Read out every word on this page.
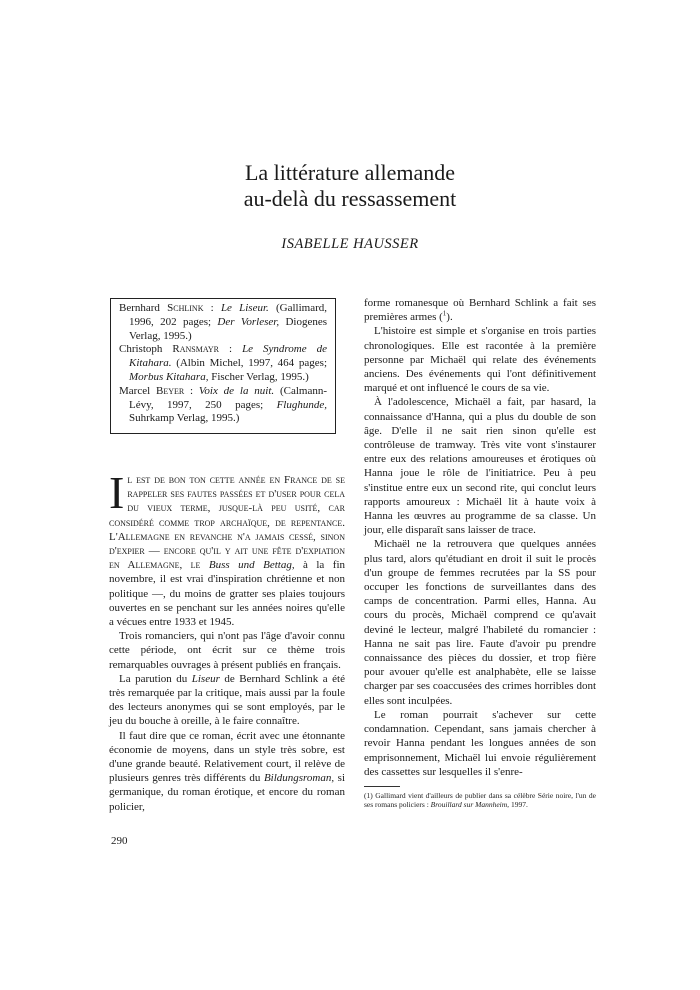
La littérature allemande
au-delà du ressassement
ISABELLE HAUSSER

Bernhard Schlink : Le Liseur. (Gallimard, 1996, 202 pages; Der Vorleser, Diogenes Verlag, 1995.)

Christoph Ransmayr : Le Syndrome de Kitahara. (Albin Michel, 1997, 464 pages; Morbus Kitahara, Fischer Verlag, 1995.)

Marcel Beyer : Voix de la nuit. (Calmann-Lévy, 1997, 250 pages; Flughunde, Suhrkamp Verlag, 1995.)

Il est de bon ton cette année en France de se rappeler ses fautes passées et d'user pour cela du vieux terme, jusque-là peu usité, car considéré comme trop archaïque, de repentance. L'Allemagne en revanche n'a jamais cessé, sinon d'expier — encore qu'il y ait une fête d'expiation en Allemagne, le Buss und Bettag, à la fin novembre, il est vrai d'inspiration chrétienne et non politique —, du moins de gratter ses plaies toujours ouvertes en se penchant sur les années noires qu'elle a vécues entre 1933 et 1945.

Trois romanciers, qui n'ont pas l'âge d'avoir connu cette période, ont écrit sur ce thème trois remarquables ouvrages à présent publiés en français.

La parution du Liseur de Bernhard Schlink a été très remarquée par la critique, mais aussi par la foule des lecteurs anonymes qui se sont employés, par le jeu du bouche à oreille, à le faire connaître.

Il faut dire que ce roman, écrit avec une étonnante économie de moyens, dans un style très sobre, est d'une grande beauté. Relativement court, il relève de plusieurs genres très différents du Bildungsroman, si germanique, du roman érotique, et encore du roman policier,

forme romanesque où Bernhard Schlink a fait ses premières armes ($^1$).

L'histoire est simple et s'organise en trois parties chronologiques. Elle est racontée à la première personne par Michaël qui relate des événements anciens. Des événements qui l'ont définitivement marqué et ont influencé le cours de sa vie.

À l'adolescence, Michaël a fait, par hasard, la connaissance d'Hanna, qui a plus du double de son âge. D'elle il ne sait rien sinon qu'elle est contrôleuse de tramway. Très vite vont s'instaurer entre eux des relations amoureuses et érotiques où Hanna joue le rôle de l'initiatrice. Peu à peu s'institue entre eux un second rite, qui conclut leurs rapports amoureux : Michaël lit à haute voix à Hanna les œuvres au programme de sa classe. Un jour, elle disparaît sans laisser de trace.

Michaël ne la retrouvera que quelques années plus tard, alors qu'étudiant en droit il suit le procès d'un groupe de femmes recrutées par la SS pour occuper les fonctions de surveillantes dans des camps de concentration. Parmi elles, Hanna. Au cours du procès, Michaël comprend ce qu'avait deviné le lecteur, malgré l'habileté du romancier : Hanna ne sait pas lire. Faute d'avoir pu prendre connaissance des pièces du dossier, et trop fière pour avouer qu'elle est analphabète, elle se laisse charger par ses coaccusées des crimes horribles dont elles sont inculpées.

Le roman pourrait s'achever sur cette condamnation. Cependant, sans jamais chercher à revoir Hanna pendant les longues années de son emprisonnement, Michaël lui envoie régulièrement des cassettes sur lesquelles il s'enre-

(1) Gallimard vient d'ailleurs de publier dans sa célèbre Série noire, l'un de ses romans policiers : Brouillard sur Mannheim, 1997.

290
